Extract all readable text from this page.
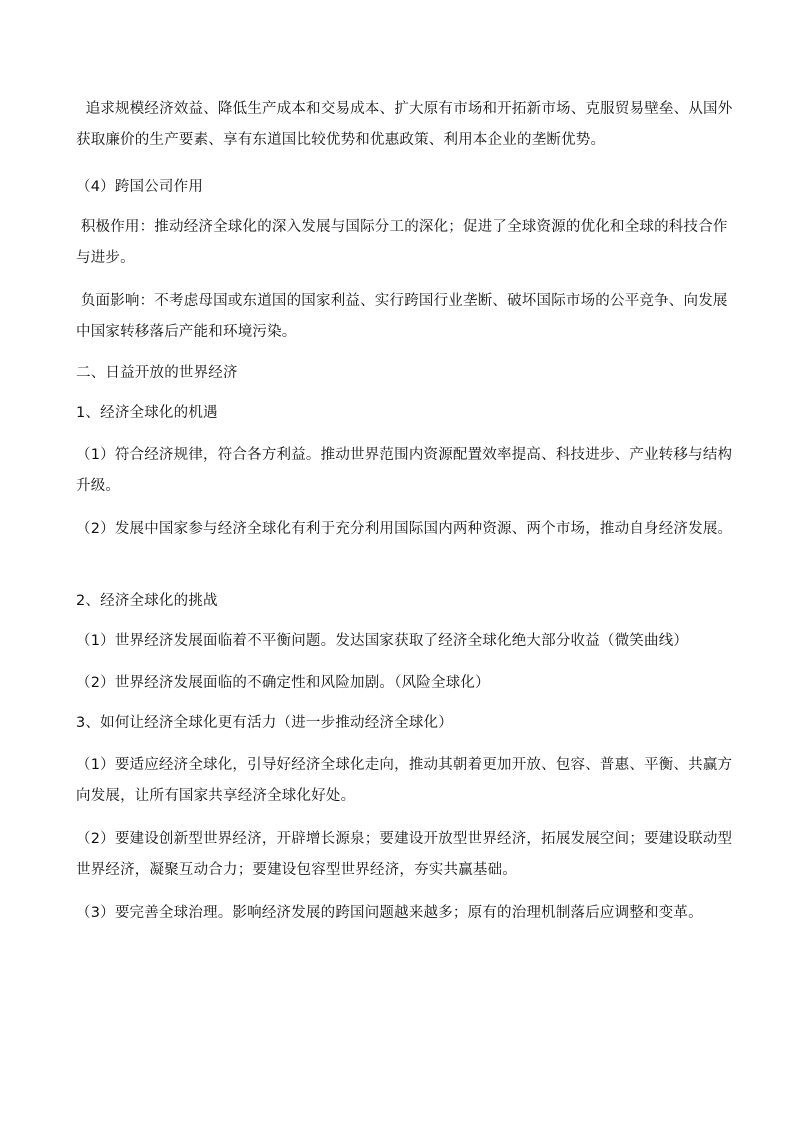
追求规模经济效益、降低生产成本和交易成本、扩大原有市场和开拓新市场、克服贸易壁垒、从国外获取廉价的生产要素、享有东道国比较优势和优惠政策、利用本企业的垄断优势。
（4）跨国公司作用
积极作用：推动经济全球化的深入发展与国际分工的深化；促进了全球资源的优化和全球的科技合作与进步。
负面影响：不考虑母国或东道国的国家利益、实行跨国行业垄断、破坏国际市场的公平竞争、向发展中国家转移落后产能和环境污染。
二、日益开放的世界经济
1、经济全球化的机遇
（1）符合经济规律，符合各方利益。推动世界范围内资源配置效率提高、科技进步、产业转移与结构升级。
（2）发展中国家参与经济全球化有利于充分利用国际国内两种资源、两个市场，推动自身经济发展。
2、经济全球化的挑战
（1）世界经济发展面临着不平衡问题。发达国家获取了经济全球化绝大部分收益（微笑曲线）
（2）世界经济发展面临的不确定性和风险加剧。（风险全球化）
3、如何让经济全球化更有活力（进一步推动经济全球化）
（1）要适应经济全球化，引导好经济全球化走向，推动其朝着更加开放、包容、普惠、平衡、共赢方向发展，让所有国家共享经济全球化好处。
（2）要建设创新型世界经济，开辟增长源泉；要建设开放型世界经济，拓展发展空间；要建设联动型世界经济，凝聚互动合力；要建设包容型世界经济，夯实共赢基础。
（3）要完善全球治理。影响经济发展的跨国问题越来越多；原有的治理机制落后应调整和变革。
